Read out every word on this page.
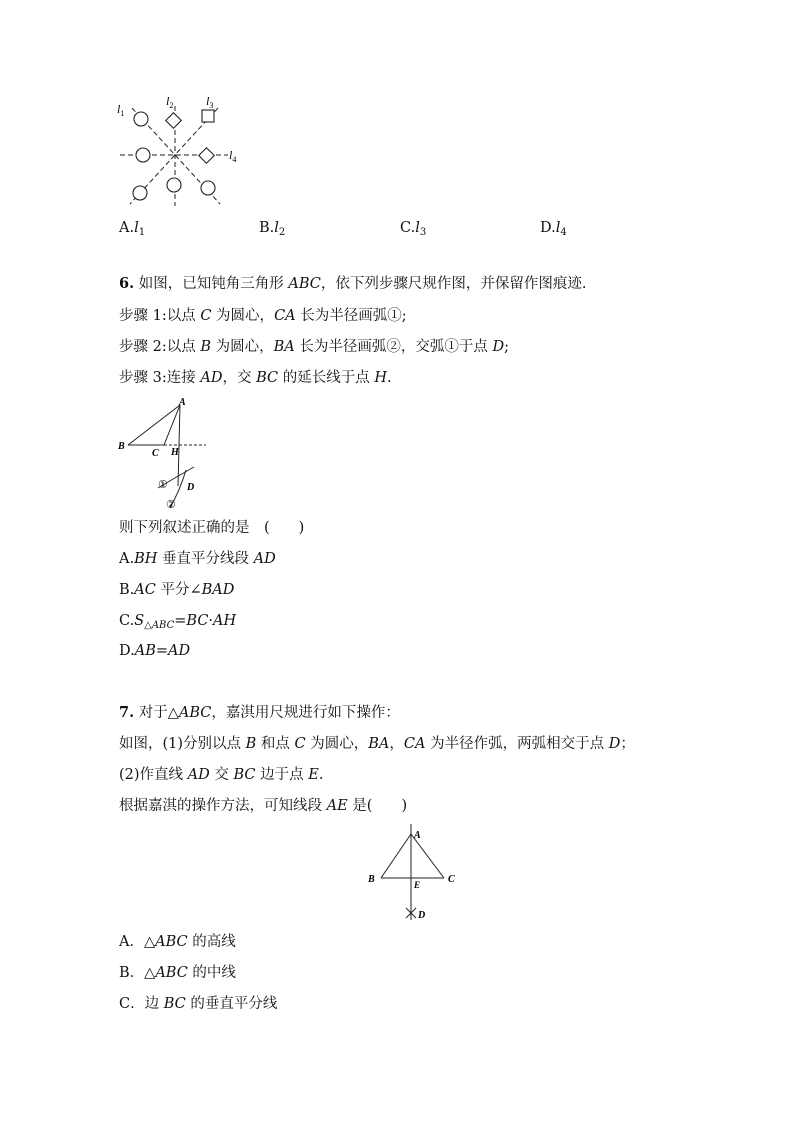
$l_1$
$l_2$	$l_3$
$l_4$
$A.l_1$	$B.l_2$	$C.l_3$	$D.l_4$
6. 如图，已知钝角三角形 ABC，依下列步骤尺规作图，并保留作图痕迹.
步骤 1:以点 C 为圆心，CA 长为半径画弧①;
步骤 2:以点 B 为圆心，BA 长为半径画弧②，交弧①于点 D;
步骤 3:连接 AD，交 BC 的延长线于点 H.
A
B
C H
D
①
②
则下列叙述正确的是　(　　)
A.BH 垂直平分线段 AD
B.AC 平分∠BAD
$C.S_{\triangle ABC}=BC\cdot AH$
D.AB=AD
7. 对于△ABC，嘉淇用尺规进行如下操作：
如图，(1)分别以点 B 和点 C 为圆心，BA，CA 为半径作弧，两弧相交于点 D；
(2)作直线 AD 交 BC 边于点 E.
根据嘉淇的操作方法，可知线段 AE 是(　　)
A
B	C
E
D
A．△ABC 的高线
B．△ABC 的中线
C．边 BC 的垂直平分线
